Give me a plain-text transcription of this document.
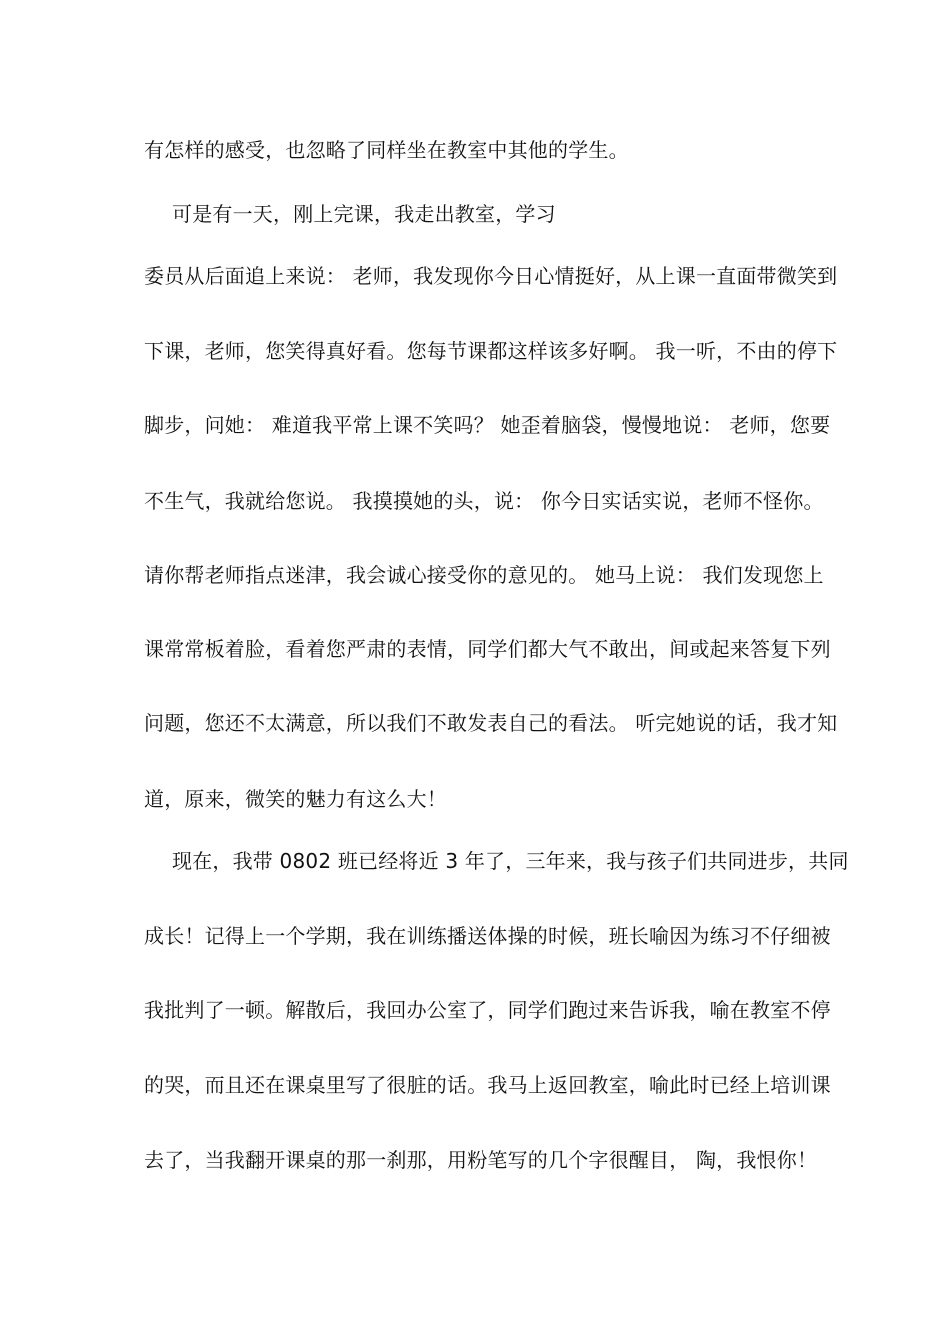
有怎样的感受，也忽略了同样坐在教室中其他的学生。

可是有一天，刚上完课，我走出教室，学习

委员从后面追上来说： 老师，我发现你今日心情挺好，从上课一直面带微笑到

下课，老师，您笑得真好看。您每节课都这样该多好啊。 我一听，不由的停下

脚步，问她： 难道我平常上课不笑吗？ 她歪着脑袋，慢慢地说： 老师，您要

不生气，我就给您说。 我摸摸她的头，说： 你今日实话实说，老师不怪你。

请你帮老师指点迷津，我会诚心接受你的意见的。 她马上说： 我们发现您上

课常常板着脸，看着您严肃的表情，同学们都大气不敢出，间或起来答复下列

问题，您还不太满意，所以我们不敢发表自己的看法。 听完她说的话，我才知

道，原来，微笑的魅力有这么大！

现在，我带 0802 班已经将近 3 年了，三年来，我与孩子们共同进步，共同

成长！记得上一个学期，我在训练播送体操的时候，班长喻因为练习不仔细被

我批判了一顿。解散后，我回办公室了，同学们跑过来告诉我，喻在教室不停

的哭，而且还在课桌里写了很脏的话。我马上返回教室，喻此时已经上培训课

去了，当我翻开课桌的那一刹那，用粉笔写的几个字很醒目， 陶，我恨你！
